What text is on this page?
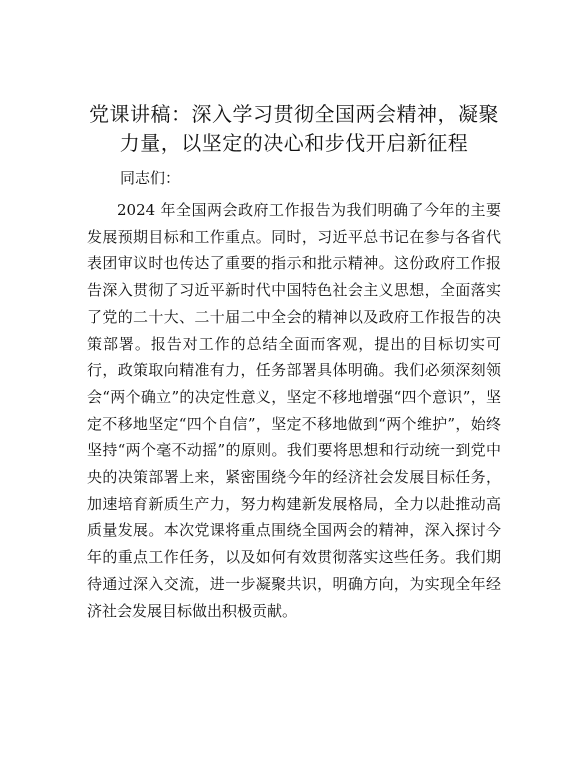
党课讲稿：深入学习贯彻全国两会精神，凝聚力量，以坚定的决心和步伐开启新征程

同志们：

2024 年全国两会政府工作报告为我们明确了今年的主要发展预期目标和工作重点。同时，习近平总书记在参与各省代表团审议时也传达了重要的指示和批示精神。这份政府工作报告深入贯彻了习近平新时代中国特色社会主义思想，全面落实了党的二十大、二十届二中全会的精神以及政府工作报告的决策部署。报告对工作的总结全面而客观，提出的目标切实可行，政策取向精准有力，任务部署具体明确。我们必须深刻领会“两个确立”的决定性意义，坚定不移地增强“四个意识”，坚定不移地坚定“四个自信”，坚定不移地做到“两个维护”，始终坚持“两个毫不动摇”的原则。我们要将思想和行动统一到党中央的决策部署上来，紧密围绕今年的经济社会发展目标任务，加速培育新质生产力，努力构建新发展格局，全力以赴推动高质量发展。本次党课将重点围绕全国两会的精神，深入探讨今年的重点工作任务，以及如何有效贯彻落实这些任务。我们期待通过深入交流，进一步凝聚共识，明确方向，为实现全年经济社会发展目标做出积极贡献。
